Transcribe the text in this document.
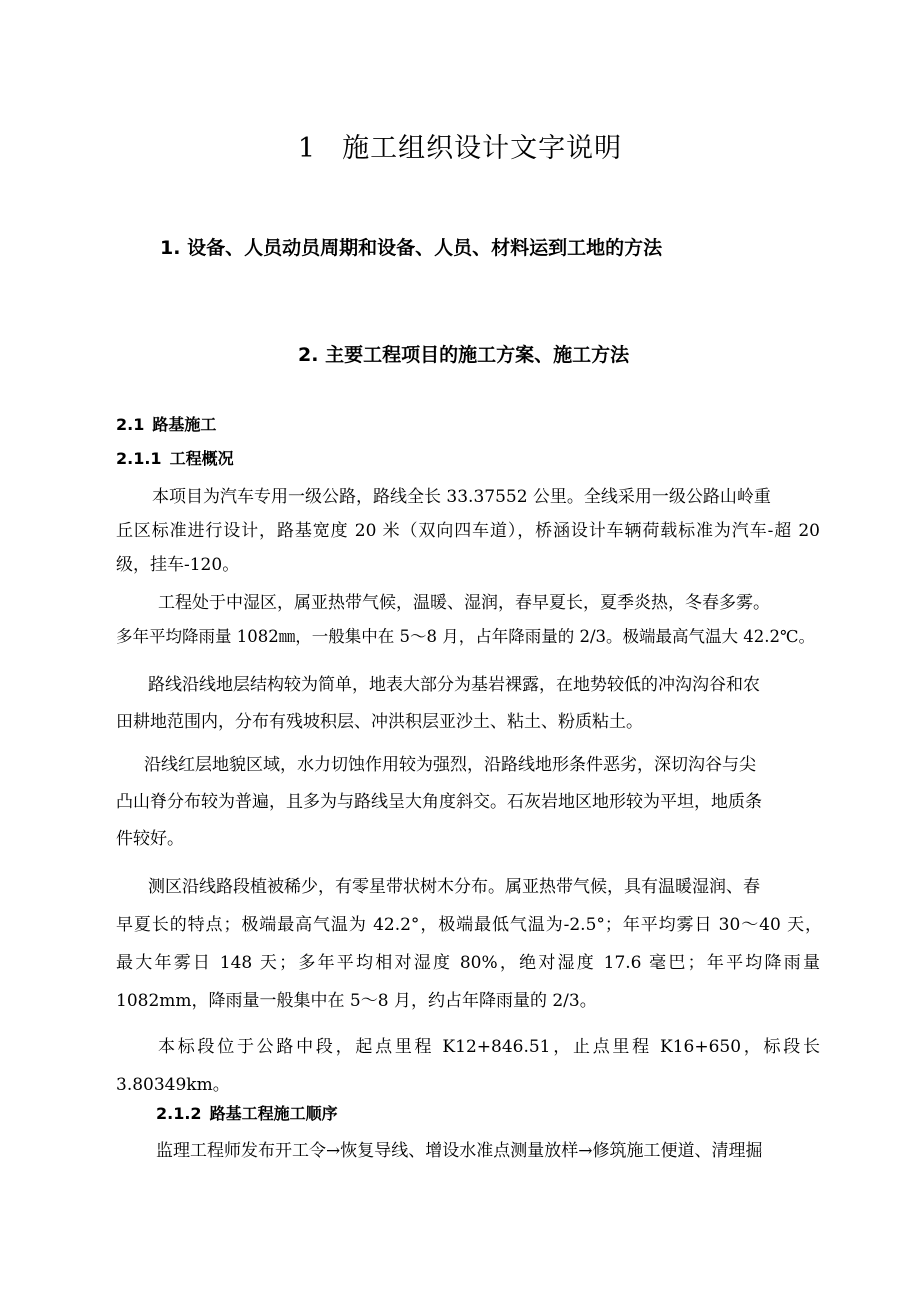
1 施工组织设计文字说明
1. 设备、人员动员周期和设备、人员、材料运到工地的方法
2. 主要工程项目的施工方案、施工方法
2.1 路基施工
2.1.1 工程概况
本项目为汽车专用一级公路，路线全长 33.37552 公里。全线采用一级公路山岭重
丘区标准进行设计，路基宽度 20 米（双向四车道），桥涵设计车辆荷载标准为汽车-超 20
级，挂车-120。
工程处于中湿区，属亚热带气候，温暖、湿润，春早夏长，夏季炎热，冬春多雾。
多年平均降雨量 1082㎜，一般集中在 5～8 月，占年降雨量的 2/3。极端最高气温大 42.2℃。
路线沿线地层结构较为简单，地表大部分为基岩裸露，在地势较低的冲沟沟谷和农
田耕地范围内，分布有残坡积层、冲洪积层亚沙土、粘土、粉质粘土。
沿线红层地貌区域，水力切蚀作用较为强烈，沿路线地形条件恶劣，深切沟谷与尖
凸山脊分布较为普遍，且多为与路线呈大角度斜交。石灰岩地区地形较为平坦，地质条
件较好。
测区沿线路段植被稀少，有零星带状树木分布。属亚热带气候，具有温暖湿润、春
早夏长的特点；极端最高气温为 42.2°，极端最低气温为-2.5°；年平均雾日 30～40 天，
最大年雾日 148 天；多年平均相对湿度 80%，绝对湿度 17.6 毫巴；年平均降雨量
1082mm，降雨量一般集中在 5～8 月，约占年降雨量的 2/3。
本标段位于公路中段，起点里程 K12+846.51，止点里程 K16+650，标段长
3.80349km。
2.1.2 路基工程施工顺序
监理工程师发布开工令→恢复导线、增设水准点测量放样→修筑施工便道、清理掘
